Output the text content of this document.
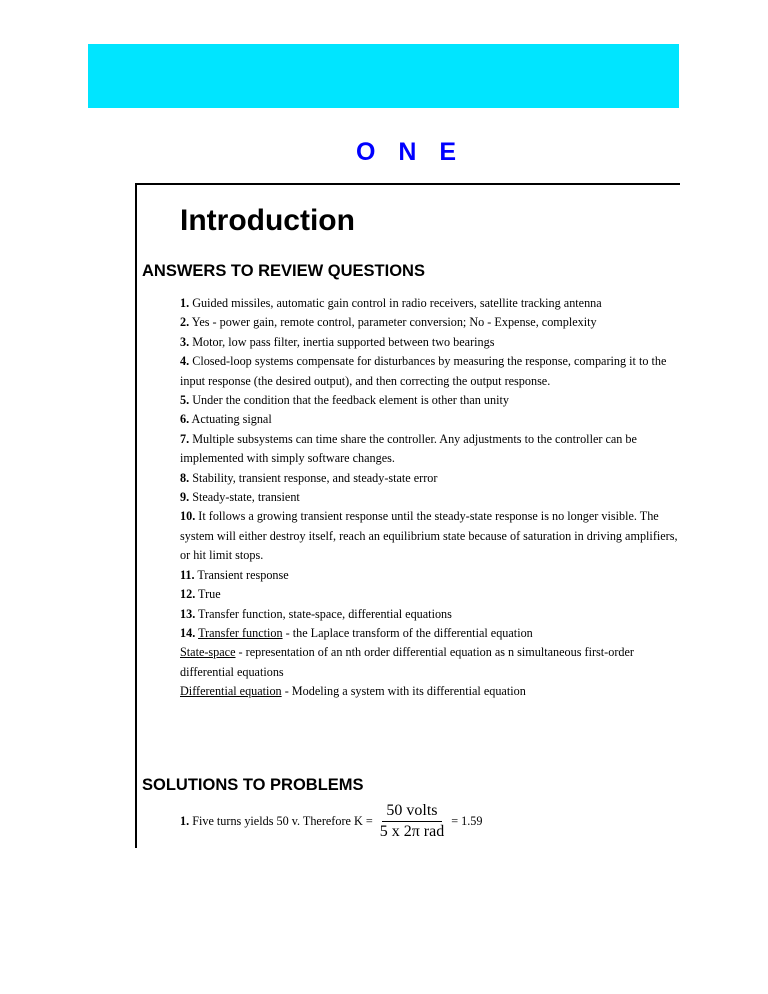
O N E
Introduction
ANSWERS TO REVIEW QUESTIONS

1. Guided missiles, automatic gain control in radio receivers, satellite tracking antenna

2. Yes - power gain, remote control, parameter conversion; No - Expense, complexity

3. Motor, low pass filter, inertia supported between two bearings

4. Closed-loop systems compensate for disturbances by measuring the response, comparing it to the input response (the desired output), and then correcting the output response.

5. Under the condition that the feedback element is other than unity

6. Actuating signal

7. Multiple subsystems can time share the controller. Any adjustments to the controller can be implemented with simply software changes.

8. Stability, transient response, and steady-state error

9. Steady-state, transient

10. It follows a growing transient response until the steady-state response is no longer visible. The system will either destroy itself, reach an equilibrium state because of saturation in driving amplifiers, or hit limit stops.

11. Transient response

12. True

13. Transfer function, state-space, differential equations

14. Transfer function - the Laplace transform of the differential equation

State-space - representation of an nth order differential equation as n simultaneous first-order differential equations

Differential equation - Modeling a system with its differential equation

SOLUTIONS TO PROBLEMS
1. Five turns yields 50 v. Therefore $K = \frac{\text{50 volts}}{\text{5 x 2π rad}} = 1.59$
